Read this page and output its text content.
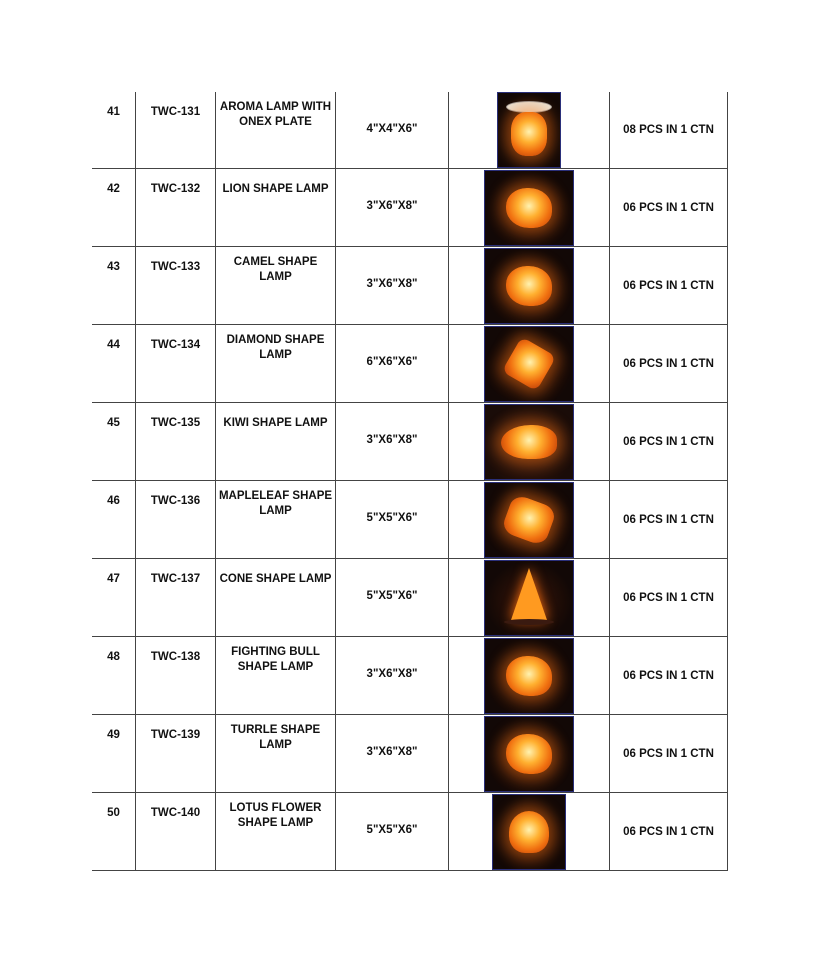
41	TWC-131	AROMA LAMP WITH ONEX PLATE	4"X4"X6"		08 PCS IN 1 CTN

42	TWC-132	LION SHAPE LAMP	3"X6"X8"		06 PCS IN 1 CTN

43	TWC-133	CAMEL SHAPE LAMP	3"X6"X8"		06 PCS IN 1 CTN

44	TWC-134	DIAMOND SHAPE LAMP	6"X6"X6"		06 PCS IN 1 CTN

45	TWC-135	KIWI SHAPE LAMP	3"X6"X8"		06 PCS IN 1 CTN

46	TWC-136	MAPLELEAF SHAPE LAMP	5"X5"X6"		06 PCS IN 1 CTN

47	TWC-137	CONE SHAPE LAMP	5"X5"X6"		06 PCS IN 1 CTN

48	TWC-138	FIGHTING BULL SHAPE LAMP	3"X6"X8"		06 PCS IN 1 CTN

49	TWC-139	TURRLE SHAPE LAMP	3"X6"X8"		06 PCS IN 1 CTN

50	TWC-140	LOTUS FLOWER SHAPE LAMP	5"X5"X6"		06 PCS IN 1 CTN
